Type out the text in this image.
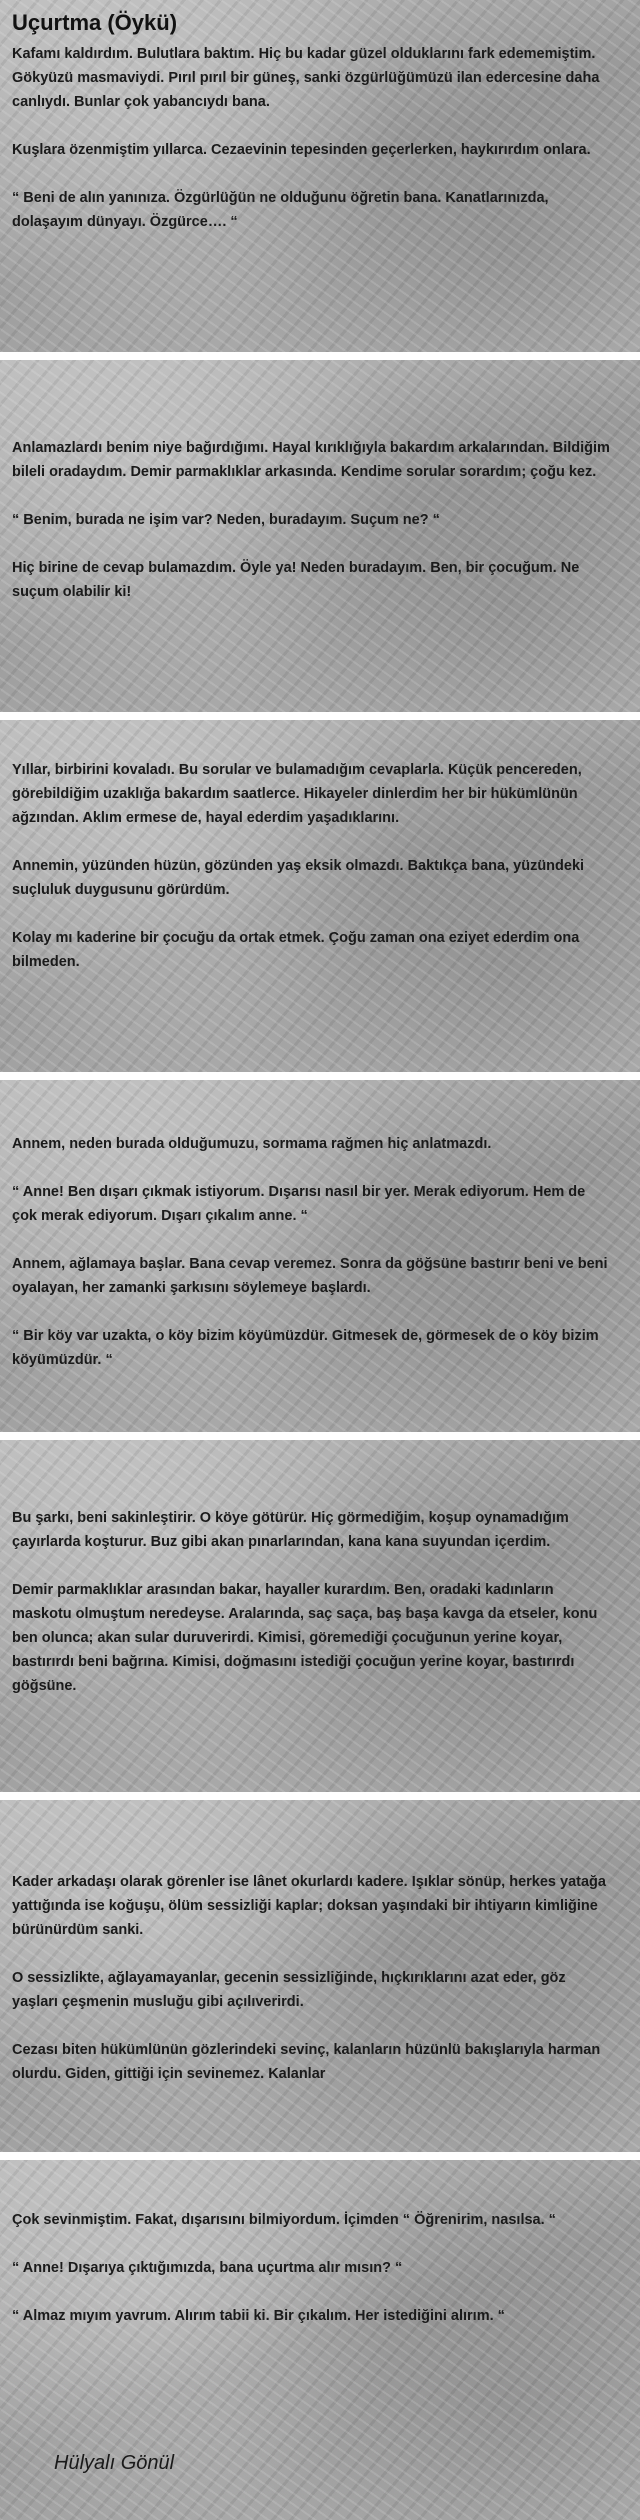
Uçurtma (Öykü)

Kafamı kaldırdım. Bulutlara baktım. Hiç bu kadar güzel olduklarını fark edememiştim. Gökyüzü masmaviydi. Pırıl pırıl bir güneş, sanki özgürlüğümüzü ilan edercesine daha canlıydı. Bunlar çok yabancıydı bana.

Kuşlara özenmiştim yıllarca. Cezaevinin tepesinden geçerlerken, haykırırdım onlara.

“ Beni de alın yanınıza. Özgürlüğün ne olduğunu öğretin bana. Kanatlarınızda, dolaşayım dünyayı. Özgürce…. “

Anlamazlardı benim niye bağırdığımı. Hayal kırıklığıyla bakardım arkalarından. Bildiğim bileli oradaydım. Demir parmaklıklar arkasında. Kendime sorular sorardım; çoğu kez.

“ Benim, burada ne işim var? Neden, buradayım. Suçum ne? “

Hiç birine de cevap bulamazdım. Öyle ya! Neden buradayım. Ben, bir çocuğum. Ne suçum olabilir ki!

Yıllar, birbirini kovaladı. Bu sorular ve bulamadığım cevaplarla. Küçük pencereden, görebildiğim uzaklığa bakardım saatlerce. Hikayeler dinlerdim her bir hükümlünün ağzından. Aklım ermese de, hayal ederdim yaşadıklarını.

Annemin, yüzünden hüzün, gözünden yaş eksik olmazdı. Baktıkça bana, yüzündeki suçluluk duygusunu görürdüm.

Kolay mı kaderine bir çocuğu da ortak etmek. Çoğu zaman ona eziyet ederdim ona bilmeden.

Annem, neden burada olduğumuzu, sormama rağmen hiç anlatmazdı.

“ Anne! Ben dışarı çıkmak istiyorum. Dışarısı nasıl bir yer. Merak ediyorum. Hem de çok merak ediyorum. Dışarı çıkalım anne. “

Annem, ağlamaya başlar. Bana cevap veremez. Sonra da göğsüne bastırır beni ve beni oyalayan, her zamanki şarkısını söylemeye başlardı.

“ Bir köy var uzakta, o köy bizim köyümüzdür. Gitmesek de, görmesek de o köy bizim köyümüzdür. “

Bu şarkı, beni sakinleştirir. O köye götürür. Hiç görmediğim, koşup oynamadığım çayırlarda koşturur. Buz gibi akan pınarlarından, kana kana suyundan içerdim.

Demir parmaklıklar arasından bakar, hayaller kurardım. Ben, oradaki kadınların maskotu olmuştum neredeyse. Aralarında, saç saça, baş başa kavga da etseler, konu ben olunca; akan sular duruverirdi. Kimisi, göremediği çocuğunun yerine koyar, bastırırdı beni bağrına. Kimisi, doğmasını istediği çocuğun yerine koyar, bastırırdı göğsüne.

Kader arkadaşı olarak görenler ise lânet okurlardı kadere. Işıklar sönüp, herkes yatağa yattığında ise koğuşu, ölüm sessizliği kaplar; doksan yaşındaki bir ihtiyarın kimliğine bürünürdüm sanki.

O sessizlikte, ağlayamayanlar, gecenin sessizliğinde, hıçkırıklarını azat eder, göz yaşları çeşmenin musluğu gibi açılıverirdi.

Cezası biten hükümlünün gözlerindeki sevinç, kalanların hüzünlü bakışlarıyla harman olurdu. Giden, gittiği için sevinemez. Kalanlar

Çok sevinmiştim. Fakat, dışarısını bilmiyordum. İçimden “ Öğrenirim, nasılsa. “

“ Anne! Dışarıya çıktığımızda, bana uçurtma alır mısın? “

“ Almaz mıyım yavrum. Alırım tabii ki. Bir çıkalım. Her istediğini alırım. “

Hülyalı Gönül
